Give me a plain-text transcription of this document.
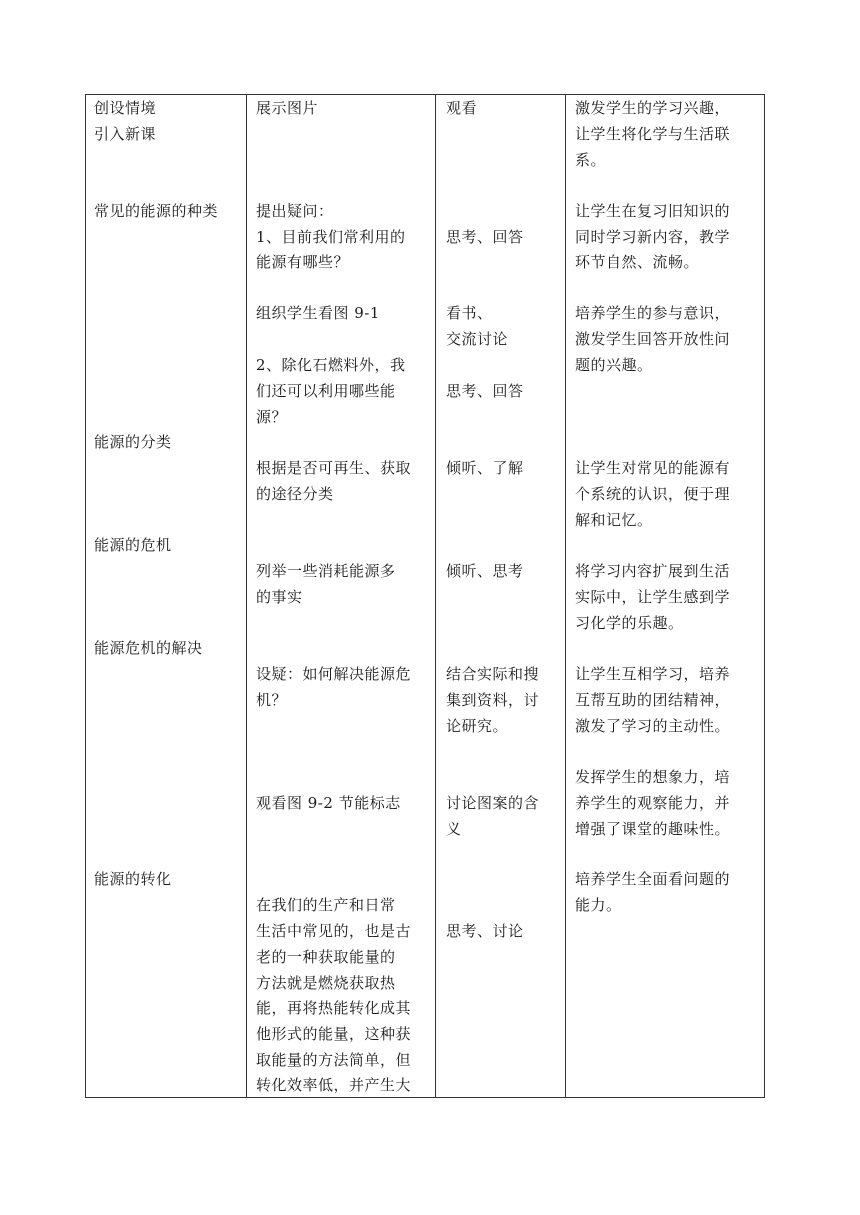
创设情境
引入新课
常见的能源的种类
能源的分类
能源的危机
能源危机的解决
能源的转化
展示图片
提出疑问：
1、目前我们常利用的
能源有哪些？
组织学生看图 9-1
2、除化石燃料外，我
们还可以利用哪些能
源？
根据是否可再生、获取
的途径分类
列举一些消耗能源多
的事实
设疑：如何解决能源危
机？
观看图 9-2 节能标志
在我们的生产和日常
生活中常见的，也是古
老的一种获取能量的
方法就是燃烧获取热
能，再将热能转化成其
他形式的能量，这种获
取能量的方法简单，但
转化效率低，并产生大
观看
思考、回答
看书、
交流讨论
思考、回答
倾听、了解
倾听、思考
结合实际和搜
集到资料，讨
论研究。
讨论图案的含
义
思考、讨论
激发学生的学习兴趣，
让学生将化学与生活联
系。
让学生在复习旧知识的
同时学习新内容，教学
环节自然、流畅。
培养学生的参与意识，
激发学生回答开放性问
题的兴趣。
让学生对常见的能源有
个系统的认识，便于理
解和记忆。
将学习内容扩展到生活
实际中，让学生感到学
习化学的乐趣。
让学生互相学习，培养
互帮互助的团结精神，
激发了学习的主动性。
发挥学生的想象力，培
养学生的观察能力，并
增强了课堂的趣味性。
培养学生全面看问题的
能力。
